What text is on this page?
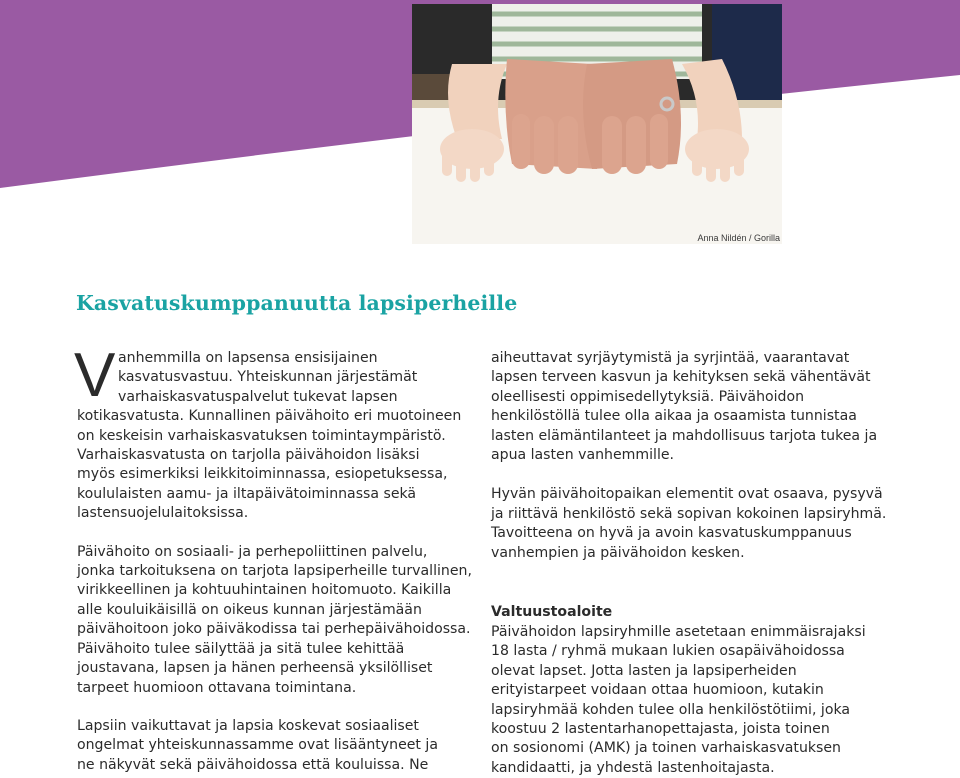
Anna Nildén / Gorilla
Kasvatuskumppanuutta lapsiperheille
V anhemmilla on lapsensa ensisijainen
kasvatusvastuu. Yhteiskunnan järjestämät
varhaiskasvatuspalvelut tukevat lapsen

kotikasvatusta. Kunnallinen päivähoito eri muotoineen
on keskeisin varhaiskasvatuksen toimintaympäristö.
Varhaiskasvatusta on tarjolla päivähoidon lisäksi
myös esimerkiksi leikkitoiminnassa, esiopetuksessa,
koululaisten aamu- ja iltapäivätoiminnassa sekä
lastensuojelulaitoksissa.

Päivähoito on sosiaali- ja perhepoliittinen palvelu,
jonka tarkoituksena on tarjota lapsiperheille turvallinen,
virikkeellinen ja kohtuuhintainen hoitomuoto. Kaikilla
alle kouluikäisillä on oikeus kunnan järjestämään
päivähoitoon joko päiväkodissa tai perhepäivähoidossa.
Päivähoito tulee säilyttää ja sitä tulee kehittää
joustavana, lapsen ja hänen perheensä yksilölliset
tarpeet huomioon ottavana toimintana.

Lapsiin vaikuttavat ja lapsia koskevat sosiaaliset
ongelmat yhteiskunnassamme ovat lisääntyneet ja
ne näkyvät sekä päivähoidossa että kouluissa. Ne

aiheuttavat syrjäytymistä ja syrjintää, vaarantavat
lapsen terveen kasvun ja kehityksen sekä vähentävät
oleellisesti oppimisedellytyksiä. Päivähoidon
henkilöstöllä tulee olla aikaa ja osaamista tunnistaa
lasten elämäntilanteet ja mahdollisuus tarjota tukea ja
apua lasten vanhemmille.

Hyvän päivähoitopaikan elementit ovat osaava, pysyvä
ja riittävä henkilöstö sekä sopivan kokoinen lapsiryhmä.
Tavoitteena on hyvä ja avoin kasvatuskumppanuus
vanhempien ja päivähoidon kesken.

Valtuustoaloite
Päivähoidon lapsiryhmille asetetaan enimmäisrajaksi
18 lasta / ryhmä mukaan lukien osapäivähoidossa
olevat lapset. Jotta lasten ja lapsiperheiden
erityistarpeet voidaan ottaa huomioon, kutakin
lapsiryhmää kohden tulee olla henkilöstötiimi, joka
koostuu 2 lastentarhanopettajasta, joista toinen
on sosionomi (AMK) ja toinen varhaiskasvatuksen
kandidaatti, ja yhdestä lastenhoitajasta.
